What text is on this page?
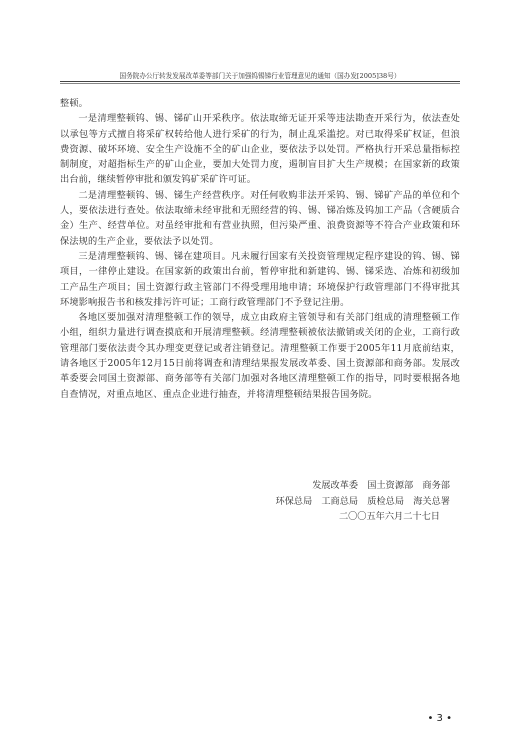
国务院办公厅转发发展改革委等部门关于加强钨锡锑行业管理意见的通知（国办发[2005]38号）

整顿。

一是清理整顿钨、锡、锑矿山开采秩序。依法取缔无证开采等违法勘查开采行为，依法查处以承包等方式擅自将采矿权转给他人进行采矿的行为，制止乱采滥挖。对已取得采矿权证，但浪费资源、破坏环境、安全生产设施不全的矿山企业，要依法予以处罚。严格执行开采总量指标控制制度，对超指标生产的矿山企业，要加大处罚力度，遏制盲目扩大生产规模；在国家新的政策出台前，继续暂停审批和颁发钨矿采矿许可证。

二是清理整顿钨、锡、锑生产经营秩序。对任何收购非法开采钨、锡、锑矿产品的单位和个人，要依法进行查处。依法取缔未经审批和无照经营的钨、锡、锑冶炼及钨加工产品（含硬质合金）生产、经营单位。对虽经审批和有营业执照，但污染严重、浪费资源等不符合产业政策和环保法规的生产企业，要依法予以处罚。

三是清理整顿钨、锡、锑在建项目。凡未履行国家有关投资管理规定程序建设的钨、锡、锑项目，一律停止建设。在国家新的政策出台前，暂停审批和新建钨、锡、锑采选、冶炼和初级加工产品生产项目；国土资源行政主管部门不得受理用地申请；环境保护行政管理部门不得审批其环境影响报告书和核发排污许可证；工商行政管理部门不予登记注册。

各地区要加强对清理整顿工作的领导，成立由政府主管领导和有关部门组成的清理整顿工作小组，组织力量进行调查摸底和开展清理整顿。经清理整顿被依法撤销或关闭的企业，工商行政管理部门要依法责令其办理变更登记或者注销登记。清理整顿工作要于2005年11月底前结束，请各地区于2005年12月15日前将调查和清理结果报发展改革委、国土资源部和商务部。发展改革委要会同国土资源部、商务部等有关部门加强对各地区清理整顿工作的指导，同时要根据各地自查情况，对重点地区、重点企业进行抽查，并将清理整顿结果报告国务院。

发展改革委　国土资源部　商务部
环保总局　工商总局　质检总局　海关总署
二〇〇五年六月二十七日
• 3 •
